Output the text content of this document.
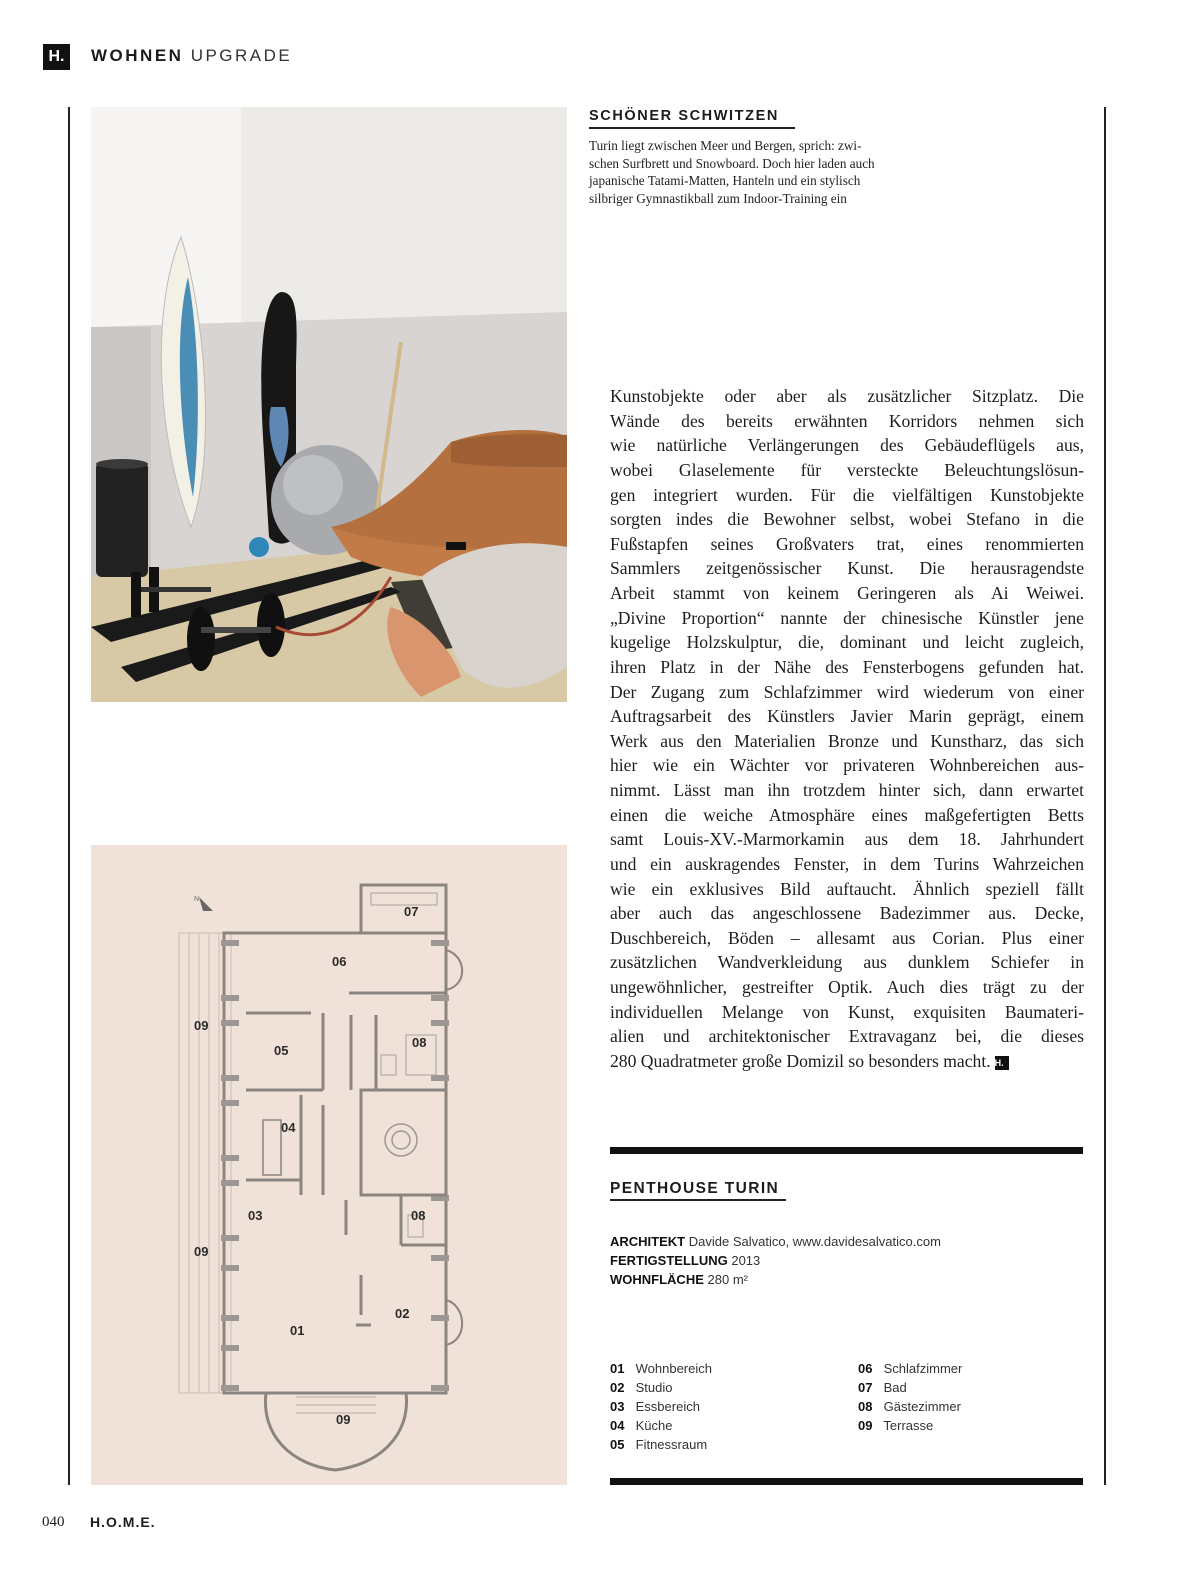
H.	WOHNEN UPGRADE
SCHÖNER SCHWITZEN
Turin liegt zwischen Meer und Bergen, sprich: zwi-
schen Surfbrett und Snowboard. Doch hier laden auch
japanische Tatami-Matten, Hanteln und ein stylisch
silbriger Gymnastikball zum Indoor-Training ein
Kunstobjekte oder aber als zusätzlicher Sitzplatz. Die
Wände des bereits erwähnten Korridors nehmen sich
wie natürliche Verlängerungen des Gebäudeflügels aus,
wobei Glaselemente für versteckte Beleuchtungslösun-
gen integriert wurden. Für die vielfältigen Kunstobjekte
sorgten indes die Bewohner selbst, wobei Stefano in die
Fußstapfen seines Großvaters trat, eines renommierten
Sammlers zeitgenössischer Kunst. Die herausragendste
Arbeit stammt von keinem Geringeren als Ai Weiwei.
„Divine Proportion“ nannte der chinesische Künstler jene
kugelige Holzskulptur, die, dominant und leicht zugleich,
ihren Platz in der Nähe des Fensterbogens gefunden hat.
Der Zugang zum Schlafzimmer wird wiederum von einer
Auftragsarbeit des Künstlers Javier Marin geprägt, einem
Werk aus den Materialien Bronze und Kunstharz, das sich
hier wie ein Wächter vor privateren Wohnbereichen aus-
nimmt. Lässt man ihn trotzdem hinter sich, dann erwartet
einen die weiche Atmosphäre eines maßgefertigten Betts
samt Louis-XV.-Marmorkamin aus dem 18. Jahrhundert
und ein auskragendes Fenster, in dem Turins Wahrzeichen
wie ein exklusives Bild auftaucht. Ähnlich speziell fällt
aber auch das angeschlossene Badezimmer aus. Decke,
Duschbereich, Böden – allesamt aus Corian. Plus einer
zusätzlichen Wandverkleidung aus dunklem Schiefer in
ungewöhnlicher, gestreifter Optik. Auch dies trägt zu der
individuellen Melange von Kunst, exquisiten Baumateri-
alien und architektonischer Extravaganz bei, die dieses
280 Quadratmeter große Domizil so besonders macht. H.
PENTHOUSE TURIN
ARCHITEKT Davide Salvatico, www.davidesalvatico.com
FERTIGSTELLUNG 2013
WOHNFLÄCHE 280 m²
01 Wohnbereich
02 Studio
03 Essbereich
04 Küche
05 Fitnessraum
06 Schlafzimmer
07 Bad
08 Gästezimmer
09 Terrasse
N
07
06
09
05
08
04
03	08
09
02
01
09
040 H.O.M.E.
